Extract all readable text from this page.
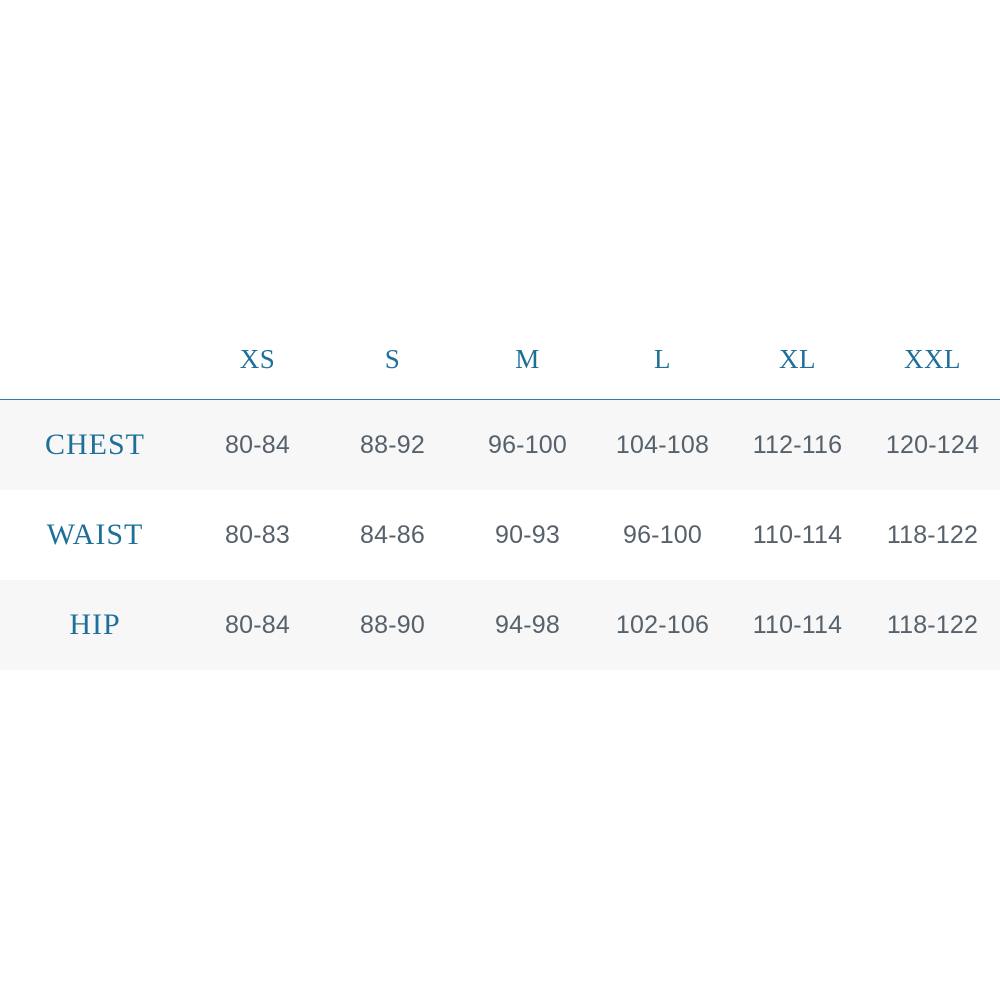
	XS	S	M	L	XL	XXL

CHEST	80-84	88-92	96-100	104-108	112-116	120-124
WAIST	80-83	84-86	90-93	96-100	110-114	118-122
HIP	80-84	88-90	94-98	102-106	110-114	118-122
